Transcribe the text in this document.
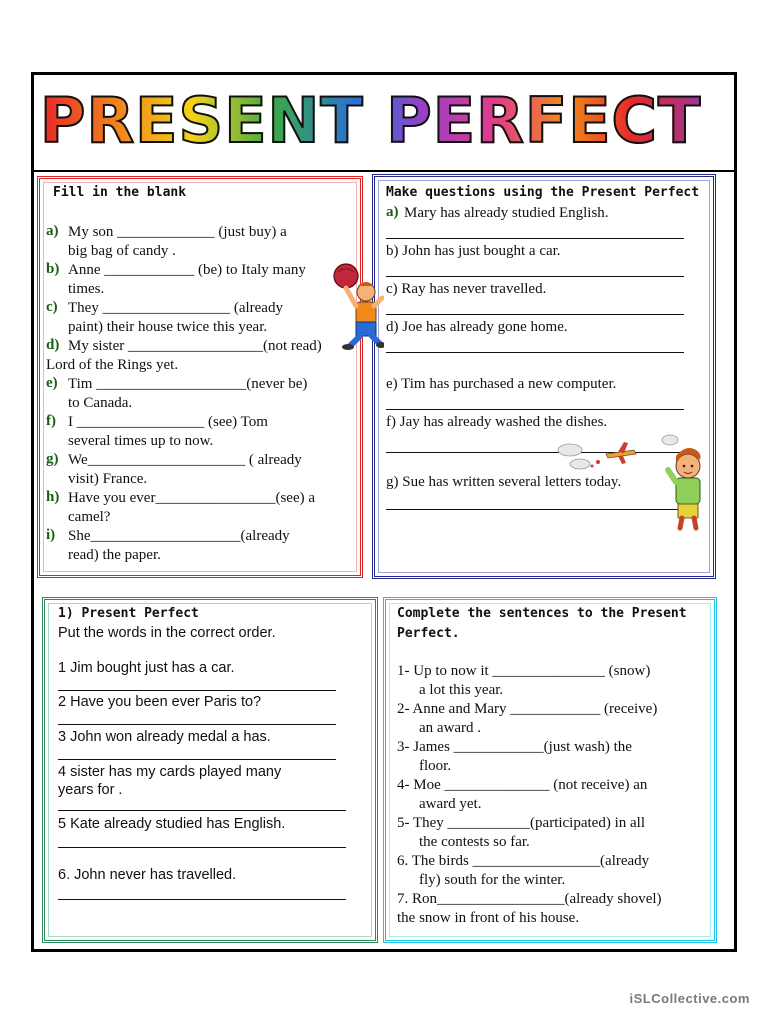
PRESENT PERFECT
Fill in the blank
a) My son _____________ (just buy) a
big bag of candy .
b) Anne ____________ (be) to Italy many
times.
c) They _________________ (already
paint) their house twice this year.
d) My sister __________________(not read)
Lord of the Rings yet.
e) Tim ____________________(never be)
to Canada.
f) I _________________ (see) Tom
several times up to now.
g) We_____________________ ( already
visit) France.
h) Have you ever________________(see) a
camel?
i) She____________________(already
read) the paper.
Make questions using the Present Perfect
a) Mary has already studied English.
b) John has just bought a car.
c) Ray has never travelled.
d) Joe has already gone home.
e) Tim has purchased a new computer.
f) Jay has already washed the dishes.
g) Sue has written several letters today.
1) Present Perfect
Put the words in the correct order.
1 Jim bought just has a car.
2 Have you been ever Paris to?
3 John won already medal a has.
4 sister has my cards played many
years for .
5 Kate already studied has English.
6. John never has travelled.
Complete the sentences to the Present
Perfect.
1- Up to now it _______________ (snow)
a lot this year.
2- Anne and Mary ____________ (receive)
an award .
3- James ____________(just wash) the
floor.
4- Moe ______________ (not receive) an
award yet.
5- They ___________(participated) in all
the contests so far.
6. The birds _________________(already
fly) south for the winter.
7. Ron_________________(already shovel)
the snow in front of his house.
iSLCollective.com
